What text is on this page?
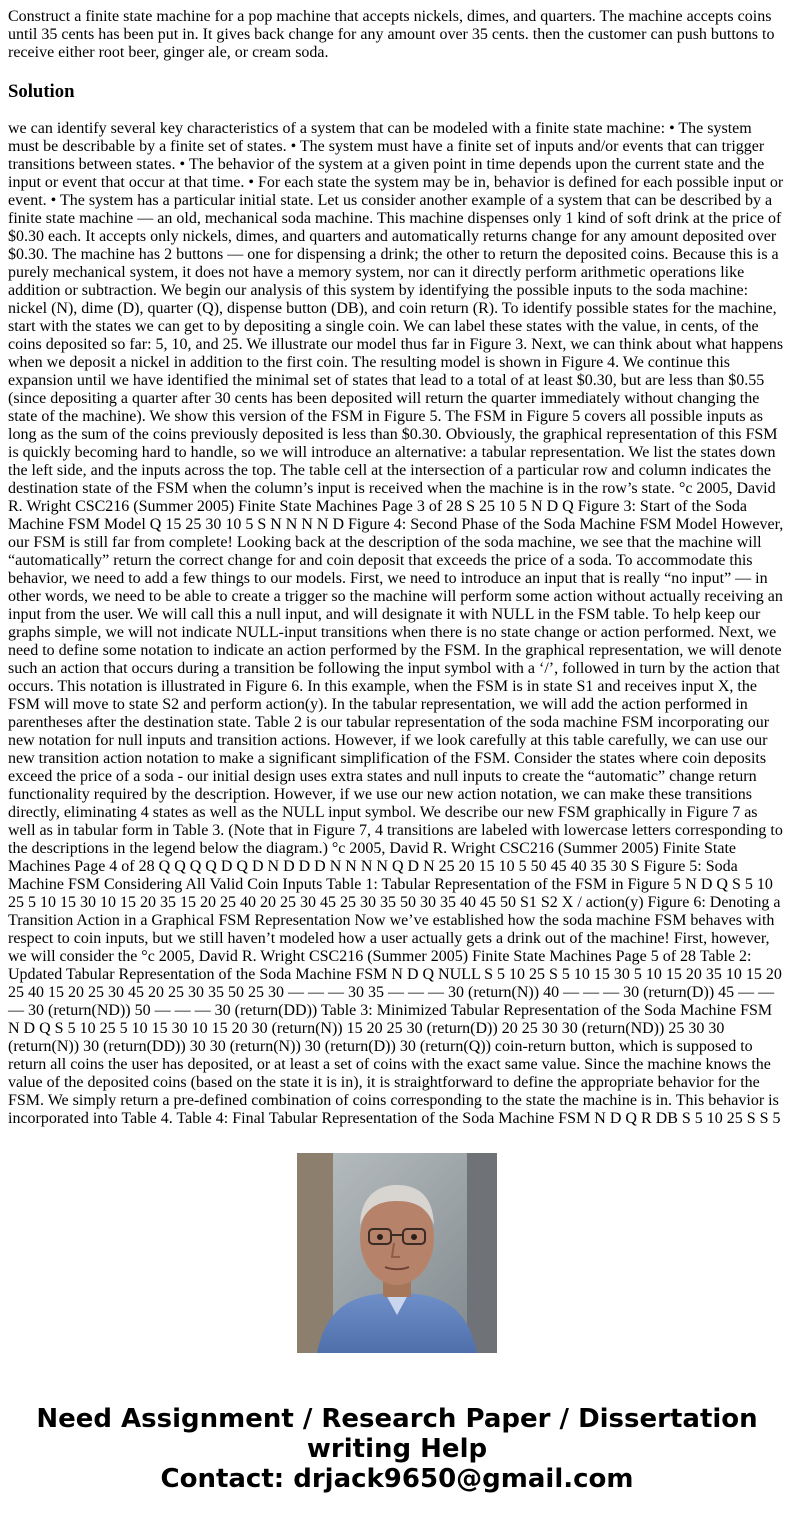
Construct a finite state machine for a pop machine that accepts nickels, dimes, and quarters. The machine accepts coins until 35 cents has been put in. It gives back change for any amount over 35 cents. then the customer can push buttons to receive either root beer, ginger ale, or cream soda.

Solution

we can identify several key characteristics of a system that can be modeled with a finite state machine: • The system must be describable by a finite set of states. • The system must have a finite set of inputs and/or events that can trigger transitions between states. • The behavior of the system at a given point in time depends upon the current state and the input or event that occur at that time. • For each state the system may be in, behavior is defined for each possible input or event. • The system has a particular initial state. Let us consider another example of a system that can be described by a finite state machine — an old, mechanical soda machine. This machine dispenses only 1 kind of soft drink at the price of $0.30 each. It accepts only nickels, dimes, and quarters and automatically returns change for any amount deposited over $0.30. The machine has 2 buttons — one for dispensing a drink; the other to return the deposited coins. Because this is a purely mechanical system, it does not have a memory system, nor can it directly perform arithmetic operations like addition or subtraction. We begin our analysis of this system by identifying the possible inputs to the soda machine: nickel (N), dime (D), quarter (Q), dispense button (DB), and coin return (R). To identify possible states for the machine, start with the states we can get to by depositing a single coin. We can label these states with the value, in cents, of the coins deposited so far: 5, 10, and 25. We illustrate our model thus far in Figure 3. Next, we can think about what happens when we deposit a nickel in addition to the first coin. The resulting model is shown in Figure 4. We continue this expansion until we have identified the minimal set of states that lead to a total of at least $0.30, but are less than $0.55 (since depositing a quarter after 30 cents has been deposited will return the quarter immediately without changing the state of the machine). We show this version of the FSM in Figure 5. The FSM in Figure 5 covers all possible inputs as long as the sum of the coins previously deposited is less than $0.30. Obviously, the graphical representation of this FSM is quickly becoming hard to handle, so we will introduce an alternative: a tabular representation. We list the states down the left side, and the inputs across the top. The table cell at the intersection of a particular row and column indicates the destination state of the FSM when the column’s input is received when the machine is in the row’s state. °c 2005, David R. Wright CSC216 (Summer 2005) Finite State Machines Page 3 of 28 S 25 10 5 N D Q Figure 3: Start of the Soda Machine FSM Model Q 15 25 30 10 5 S N N N N D Figure 4: Second Phase of the Soda Machine FSM Model However, our FSM is still far from complete! Looking back at the description of the soda machine, we see that the machine will “automatically” return the correct change for and coin deposit that exceeds the price of a soda. To accommodate this behavior, we need to add a few things to our models. First, we need to introduce an input that is really “no input” — in other words, we need to be able to create a trigger so the machine will perform some action without actually receiving an input from the user. We will call this a null input, and will designate it with NULL in the FSM table. To help keep our graphs simple, we will not indicate NULL-input transitions when there is no state change or action performed. Next, we need to define some notation to indicate an action performed by the FSM. In the graphical representation, we will denote such an action that occurs during a transition be following the input symbol with a ‘/’, followed in turn by the action that occurs. This notation is illustrated in Figure 6. In this example, when the FSM is in state S1 and receives input X, the FSM will move to state S2 and perform action(y). In the tabular representation, we will add the action performed in parentheses after the destination state. Table 2 is our tabular representation of the soda machine FSM incorporating our new notation for null inputs and transition actions. However, if we look carefully at this table carefully, we can use our new transition action notation to make a significant simplification of the FSM. Consider the states where coin deposits exceed the price of a soda - our initial design uses extra states and null inputs to create the “automatic” change return functionality required by the description. However, if we use our new action notation, we can make these transitions directly, eliminating 4 states as well as the NULL input symbol. We describe our new FSM graphically in Figure 7 as well as in tabular form in Table 3. (Note that in Figure 7, 4 transitions are labeled with lowercase letters corresponding to the descriptions in the legend below the diagram.) °c 2005, David R. Wright CSC216 (Summer 2005) Finite State Machines Page 4 of 28 Q Q Q Q D Q D N D D D N N N N Q D N 25 20 15 10 5 50 45 40 35 30 S Figure 5: Soda Machine FSM Considering All Valid Coin Inputs Table 1: Tabular Representation of the FSM in Figure 5 N D Q S 5 10 25 5 10 15 30 10 15 20 35 15 20 25 40 20 25 30 45 25 30 35 50 30 35 40 45 50 S1 S2 X / action(y) Figure 6: Denoting a Transition Action in a Graphical FSM Representation Now we’ve established how the soda machine FSM behaves with respect to coin inputs, but we still haven’t modeled how a user actually gets a drink out of the machine! First, however, we will consider the °c 2005, David R. Wright CSC216 (Summer 2005) Finite State Machines Page 5 of 28 Table 2: Updated Tabular Representation of the Soda Machine FSM N D Q NULL S 5 10 25 S 5 10 15 30 5 10 15 20 35 10 15 20 25 40 15 20 25 30 45 20 25 30 35 50 25 30 — — — 30 35 — — — 30 (return(N)) 40 — — — 30 (return(D)) 45 — — — 30 (return(ND)) 50 — — — 30 (return(DD)) Table 3: Minimized Tabular Representation of the Soda Machine FSM N D Q S 5 10 25 5 10 15 30 10 15 20 30 (return(N)) 15 20 25 30 (return(D)) 20 25 30 30 (return(ND)) 25 30 30 (return(N)) 30 (return(DD)) 30 30 (return(N)) 30 (return(D)) 30 (return(Q)) coin-return button, which is supposed to return all coins the user has deposited, or at least a set of coins with the exact same value. Since the machine knows the value of the deposited coins (based on the state it is in), it is straightforward to define the appropriate behavior for the FSM. We simply return a pre-defined combination of coins corresponding to the state the machine is in. This behavior is incorporated into Table 4. Table 4: Final Tabular Representation of the Soda Machine FSM N D Q R DB S 5 10 25 S S 5

Need Assignment / Research Paper / Dissertation
writing Help
Contact: drjack9650@gmail.com
